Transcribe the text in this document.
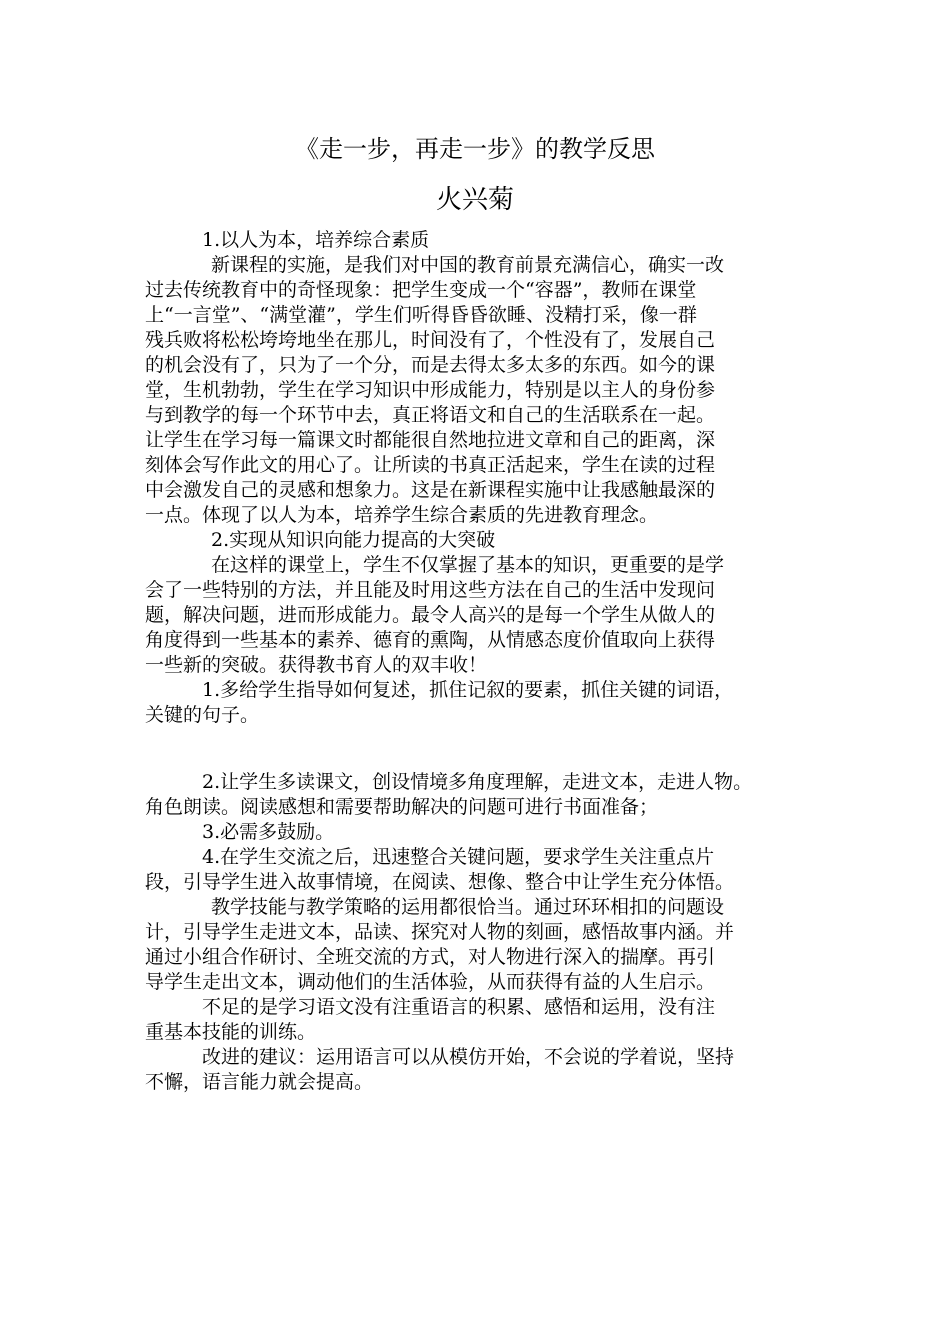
《走一步，再走一步》的教学反思
火兴菊
1.以人为本，培养综合素质
新课程的实施，是我们对中国的教育前景充满信心，确实一改
过去传统教育中的奇怪现象：把学生变成一个“容器”，教师在课堂
上“一言堂”、“满堂灌”，学生们听得昏昏欲睡、没精打采，像一群
残兵败将松松垮垮地坐在那儿，时间没有了，个性没有了，发展自己
的机会没有了，只为了一个分，而是去得太多太多的东西。如今的课
堂，生机勃勃，学生在学习知识中形成能力，特别是以主人的身份参
与到教学的每一个环节中去，真正将语文和自己的生活联系在一起。
让学生在学习每一篇课文时都能很自然地拉进文章和自己的距离，深
刻体会写作此文的用心了。让所读的书真正活起来，学生在读的过程
中会激发自己的灵感和想象力。这是在新课程实施中让我感触最深的
一点。体现了以人为本，培养学生综合素质的先进教育理念。
2.实现从知识向能力提高的大突破
在这样的课堂上，学生不仅掌握了基本的知识，更重要的是学
会了一些特别的方法，并且能及时用这些方法在自己的生活中发现问
题，解决问题，进而形成能力。最令人高兴的是每一个学生从做人的
角度得到一些基本的素养、德育的熏陶，从情感态度价值取向上获得
一些新的突破。获得教书育人的双丰收！
1.多给学生指导如何复述，抓住记叙的要素，抓住关键的词语，
关键的句子。
2.让学生多读课文，创设情境多角度理解，走进文本，走进人物。
角色朗读。阅读感想和需要帮助解决的问题可进行书面准备；
3.必需多鼓励。
4.在学生交流之后，迅速整合关键问题，要求学生关注重点片
段，引导学生进入故事情境，在阅读、想像、整合中让学生充分体悟。
教学技能与教学策略的运用都很恰当。通过环环相扣的问题设
计，引导学生走进文本，品读、探究对人物的刻画，感悟故事内涵。并
通过小组合作研讨、全班交流的方式，对人物进行深入的揣摩。再引
导学生走出文本，调动他们的生活体验，从而获得有益的人生启示。
不足的是学习语文没有注重语言的积累、感悟和运用，没有注
重基本技能的训练。
改进的建议：运用语言可以从模仿开始，不会说的学着说，坚持
不懈，语言能力就会提高。
